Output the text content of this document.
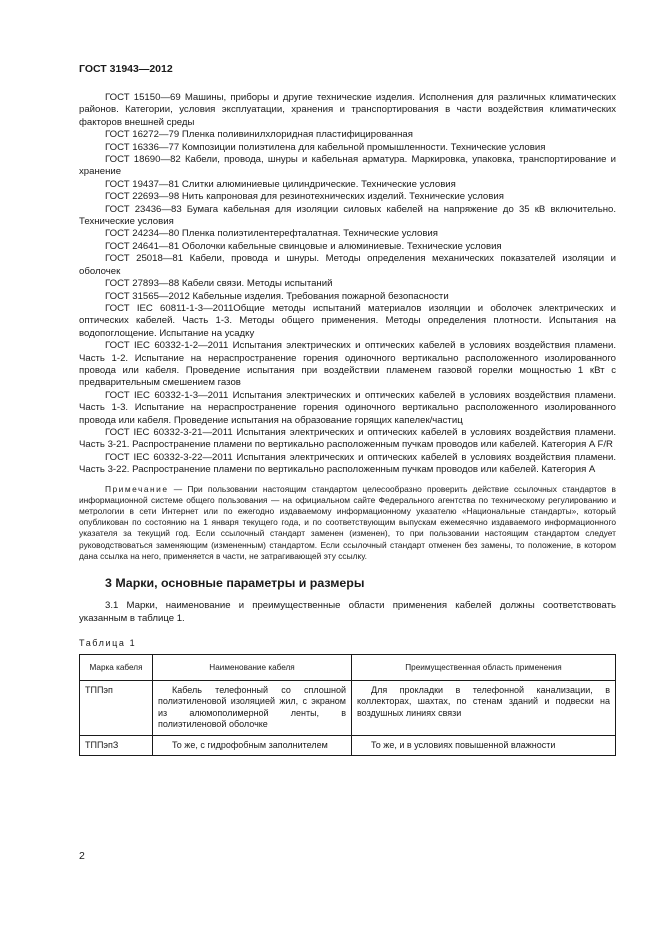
ГОСТ 31943—2012

ГОСТ 15150—69 Машины, приборы и другие технические изделия. Исполнения для различных климатических районов. Категории, условия эксплуатации, хранения и транспортирования в части воздействия климатических факторов внешней среды

ГОСТ 16272—79 Пленка поливинилхлоридная пластифицированная

ГОСТ 16336—77 Композиции полиэтилена для кабельной промышленности. Технические условия

ГОСТ 18690—82 Кабели, провода, шнуры и кабельная арматура. Маркировка, упаковка, транспортирование и хранение

ГОСТ 19437—81 Слитки алюминиевые цилиндрические. Технические условия

ГОСТ 22693—98 Нить капроновая для резинотехнических изделий. Технические условия

ГОСТ 23436—83 Бумага кабельная для изоляции силовых кабелей на напряжение до 35 кВ включительно. Технические условия

ГОСТ 24234—80 Пленка полиэтилентерефталатная. Технические условия

ГОСТ 24641—81 Оболочки кабельные свинцовые и алюминиевые. Технические условия

ГОСТ 25018—81 Кабели, провода и шнуры. Методы определения механических показателей изоляции и оболочек

ГОСТ 27893—88 Кабели связи. Методы испытаний

ГОСТ 31565—2012 Кабельные изделия. Требования пожарной безопасности

ГОСТ IEC 60811-1-3—2011Общие методы испытаний материалов изоляции и оболочек электрических и оптических кабелей. Часть 1-3. Методы общего применения. Методы определения плотности. Испытания на водопоглощение. Испытание на усадку

ГОСТ IEC 60332-1-2—2011 Испытания электрических и оптических кабелей в условиях воздействия пламени. Часть 1-2. Испытание на нераспространение горения одиночного вертикально расположенного изолированного провода или кабеля. Проведение испытания при воздействии пламенем газовой горелки мощностью 1 кВт с предварительным смешением газов

ГОСТ IEC 60332-1-3—2011 Испытания электрических и оптических кабелей в условиях воздействия пламени. Часть 1-3. Испытание на нераспространение горения одиночного вертикально расположенного изолированного провода или кабеля. Проведение испытания на образование горящих капелек/частиц

ГОСТ IEC 60332-3-21—2011 Испытания электрических и оптических кабелей в условиях воздействия пламени. Часть 3-21. Распространение пламени по вертикально расположенным пучкам проводов или кабелей. Категория A F/R

ГОСТ IEC 60332-3-22—2011 Испытания электрических и оптических кабелей в условиях воздействия пламени. Часть 3-22. Распространение пламени по вертикально расположенным пучкам проводов или кабелей. Категория А

Примечание — При пользовании настоящим стандартом целесообразно проверить действие ссылочных стандартов в информационной системе общего пользования — на официальном сайте Федерального агентства по техническому регулированию и метрологии в сети Интернет или по ежегодно издаваемому информационному указателю «Национальные стандарты», который опубликован по состоянию на 1 января текущего года, и по соответствующим выпускам ежемесячно издаваемого информационного указателя за текущий год. Если ссылочный стандарт заменен (изменен), то при пользовании настоящим стандартом следует руководствоваться заменяющим (измененным) стандартом. Если ссылочный стандарт отменен без замены, то положение, в котором дана ссылка на него, применяется в части, не затрагивающей эту ссылку.

3 Марки, основные параметры и размеры

3.1 Марки, наименование и преимущественные области применения кабелей должны соответствовать указанным в таблице 1.

Таблица 1
Марка кабеля	Наименование кабеля	Преимущественная область применения
ТППэп	Кабель телефонный со сплошной полиэтиленовой изоляцией жил, с экраном из алюмополимерной ленты, в полиэтиленовой оболочке	Для прокладки в телефонной канализации, в коллекторах, шахтах, по стенам зданий и подвески на воздушных линиях связи
ТППэпЗ	То же, с гидрофобным заполнителем	То же, и в условиях повышенной влажности
2
